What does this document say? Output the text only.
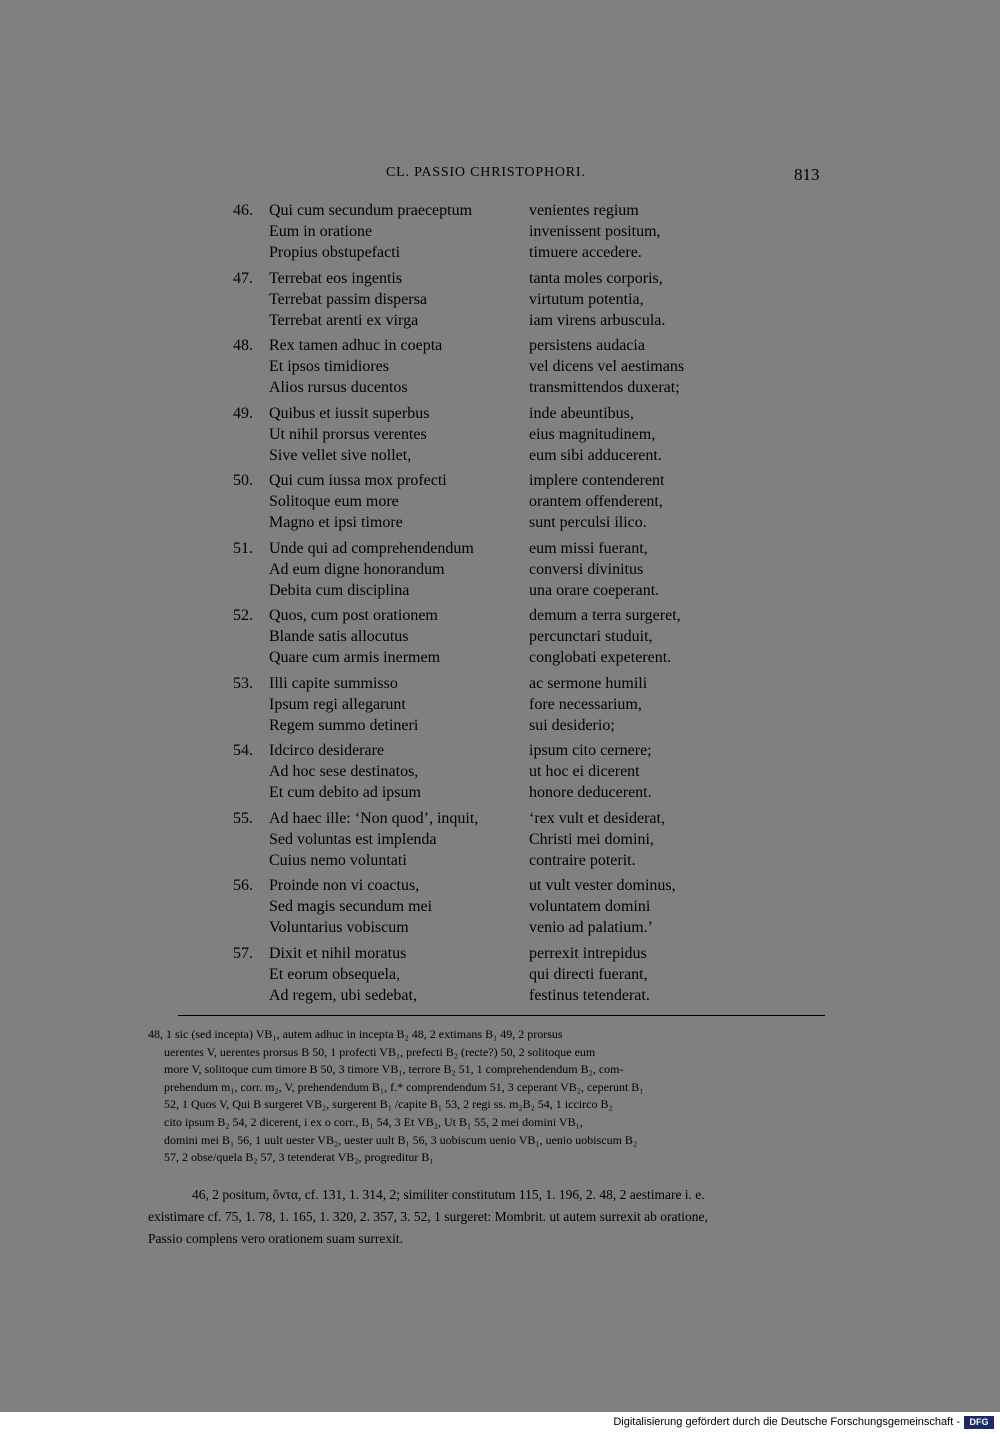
CL. PASSIO CHRISTOPHORI.	813
46.	Qui cum secundum praeceptum	venientes regium
Eum in oratione	invenissent positum,
Propius obstupefacti	timuere accedere.
47.	Terrebat eos ingentis	tanta moles corporis,
Terrebat passim dispersa	virtutum potentia,
Terrebat arenti ex virga	iam virens arbuscula.
48.	Rex tamen adhuc in coepta	persistens audacia
Et ipsos timidiores	vel dicens vel aestimans
Alios rursus ducentos	transmittendos duxerat;
49.	Quibus et iussit superbus	inde abeuntibus,
Ut nihil prorsus verentes	eius magnitudinem,
Sive vellet sive nollet,	eum sibi adducerent.
50.	Qui cum iussa mox profecti	implere contenderent
Solitoque eum more	orantem offenderent,
Magno et ipsi timore	sunt perculsi ilico.
51.	Unde qui ad comprehendendum	eum missi fuerant,
Ad eum digne honorandum	conversi divinitus
Debita cum disciplina	una orare coeperant.
52.	Quos, cum post orationem	demum a terra surgeret,
Blande satis allocutus	percunctari studuit,
Quare cum armis inermem	conglobati expeterent.
53.	Illi capite summisso	ac sermone humili
Ipsum regi allegarunt	fore necessarium,
Regem summo detineri	sui desiderio;
54.	Idcirco desiderare	ipsum cito cernere;
Ad hoc sese destinatos,	ut hoc ei dicerent
Et cum debito ad ipsum	honore deducerent.
55.	Ad haec ille: ‘Non quod’, inquit,	‘rex vult et desiderat,
Sed voluntas est implenda	Christi mei domini,
Cuius nemo voluntati	contraire poterit.
56.	Proinde non vi coactus,	ut vult vester dominus,
Sed magis secundum mei	voluntatem domini
Voluntarius vobiscum	venio ad palatium.’
57.	Dixit et nihil moratus	perrexit intrepidus
Et eorum obsequela,	qui directi fuerant,
Ad regem, ubi sedebat,	festinus tetenderat.

48, 1 sic (sed incepta) VB₁, autem adhuc in incepta B₂ 48, 2 extimans B₁ 49, 2 prorsus

uerentes V, uerentes prorsus B 50, 1 profecti VB₁, prefecti B₂ (recte?) 50, 2 solitoque eum

more V, solitoque cum timore B 50, 3 timore VB₁, terrore B₂ 51, 1 comprehendendum B₂, com-

prehendum m₁, corr. m₂, V, prehendendum B₁, f.* comprendendum 51, 3 ceperant VB₂, ceperunt B₁

52, 1 Quos V, Qui B surgeret VB₂, surgerent B₁ /capite B₁ 53, 2 regi ss. m₂B₂ 54, 1 iccirco B₂

cito ipsum B₂ 54, 2 dicerent, i ex o corr., B₁ 54, 3 Et VB₂, Ut B₁ 55, 2 mei domini VB₁,

domini mei B₁ 56, 1 uult uester VB₂, uester uult B₁ 56, 3 uobiscum uenio VB₁, uenio uobiscum B₂

57, 2 obse/quela B₂ 57, 3 tetenderat VB₂, progreditur B₁

46, 2 positum, ὄντα, cf. 131, 1. 314, 2; similiter constitutum 115, 1. 196, 2. 48, 2 aestimare i. e.

existimare cf. 75, 1. 78, 1. 165, 1. 320, 2. 357, 3. 52, 1 surgeret: Mombrit. ut autem surrexit ab oratione,

Passio complens vero orationem suam surrexit.

Digitalisierung gefördert durch die Deutsche Forschungsgemeinschaft -	DFG
